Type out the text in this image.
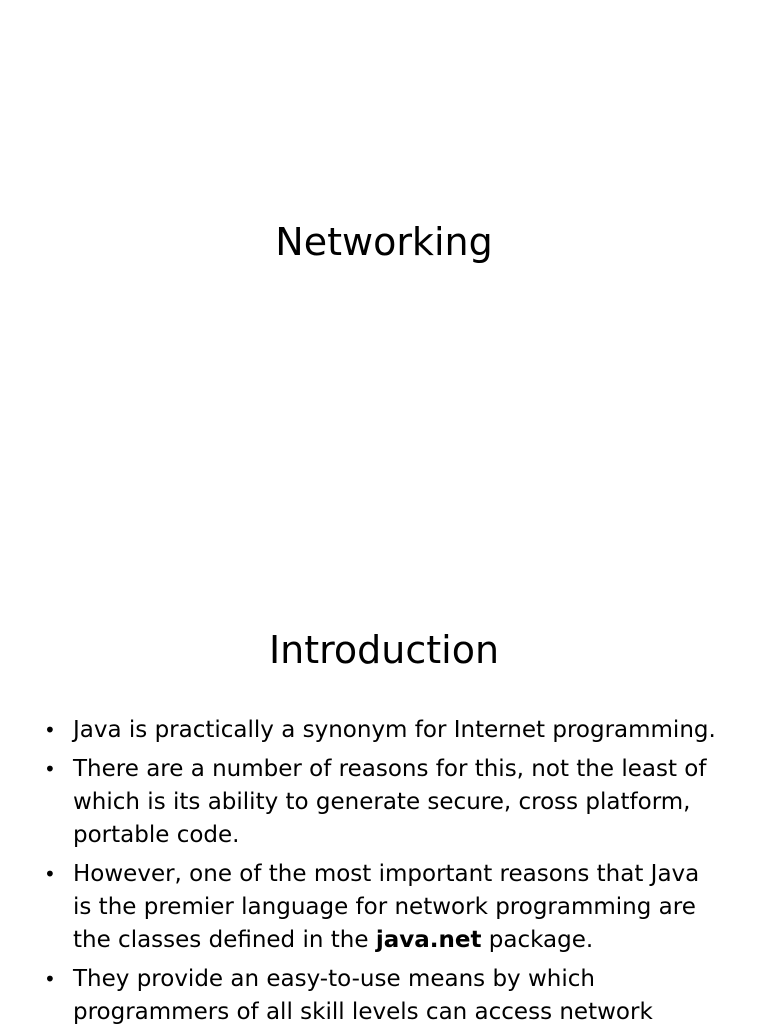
Networking
Introduction
• Java is practically a synonym for Internet programming.
• There are a number of reasons for this, not the least of which is its ability to generate secure, cross platform, portable code.
• However, one of the most important reasons that Java is the premier language for network programming are the classes defined in the java.net package.
• They provide an easy-to-use means by which programmers of all skill levels can access network
